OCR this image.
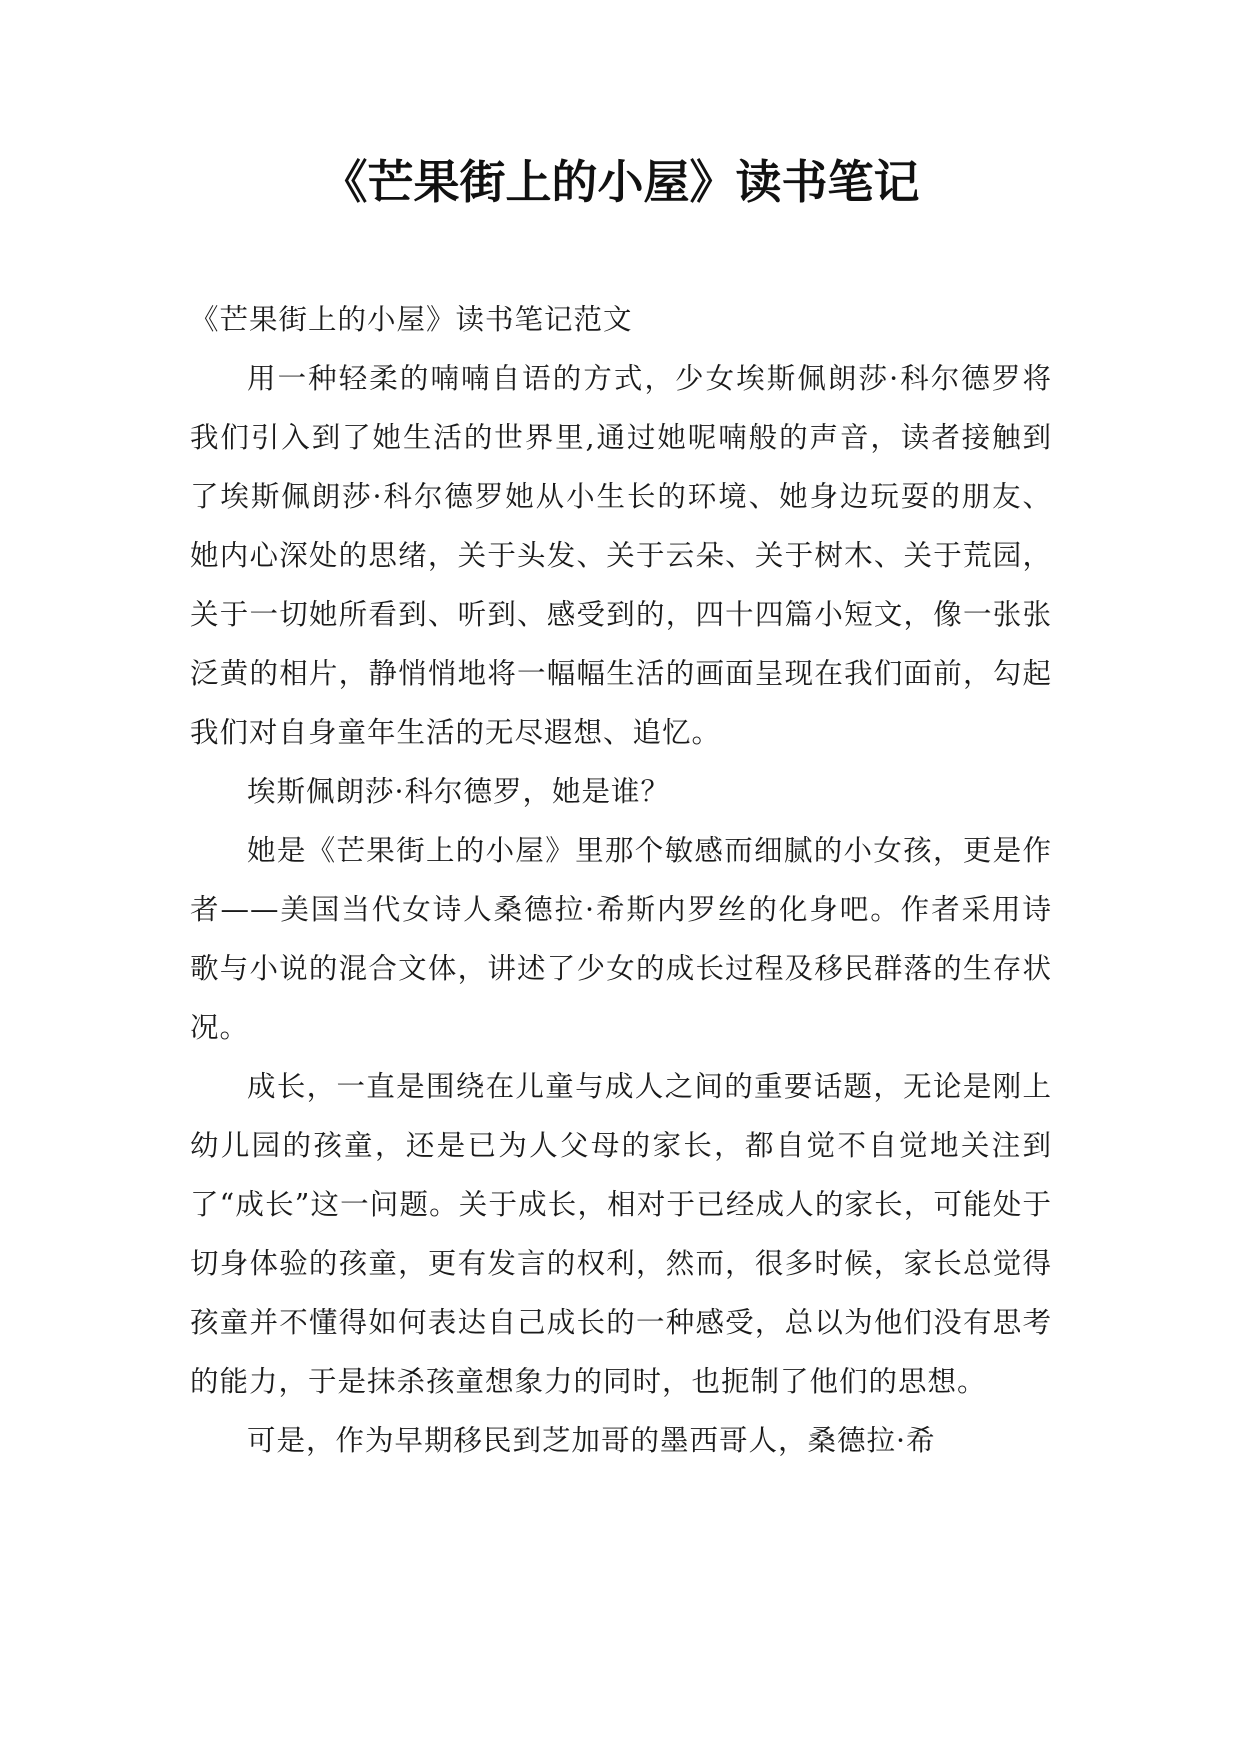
《芒果街上的小屋》读书笔记

《芒果街上的小屋》读书笔记范文

用一种轻柔的喃喃自语的方式，少女埃斯佩朗莎·科尔德罗将我们引入到了她生活的世界里,通过她呢喃般的声音，读者接触到了埃斯佩朗莎·科尔德罗她从小生长的环境、她身边玩耍的朋友、她内心深处的思绪，关于头发、关于云朵、关于树木、关于荒园，关于一切她所看到、听到、感受到的，四十四篇小短文，像一张张泛黄的相片，静悄悄地将一幅幅生活的画面呈现在我们面前，勾起我们对自身童年生活的无尽遐想、追忆。

埃斯佩朗莎·科尔德罗，她是谁？

她是《芒果街上的小屋》里那个敏感而细腻的小女孩，更是作者——美国当代女诗人桑德拉·希斯内罗丝的化身吧。作者采用诗歌与小说的混合文体，讲述了少女的成长过程及移民群落的生存状况。

成长，一直是围绕在儿童与成人之间的重要话题，无论是刚上幼儿园的孩童，还是已为人父母的家长，都自觉不自觉地关注到了“成长”这一问题。关于成长，相对于已经成人的家长，可能处于切身体验的孩童，更有发言的权利，然而，很多时候，家长总觉得孩童并不懂得如何表达自己成长的一种感受，总以为他们没有思考的能力，于是抹杀孩童想象力的同时，也扼制了他们的思想。

可是，作为早期移民到芝加哥的墨西哥人，桑德拉·希
